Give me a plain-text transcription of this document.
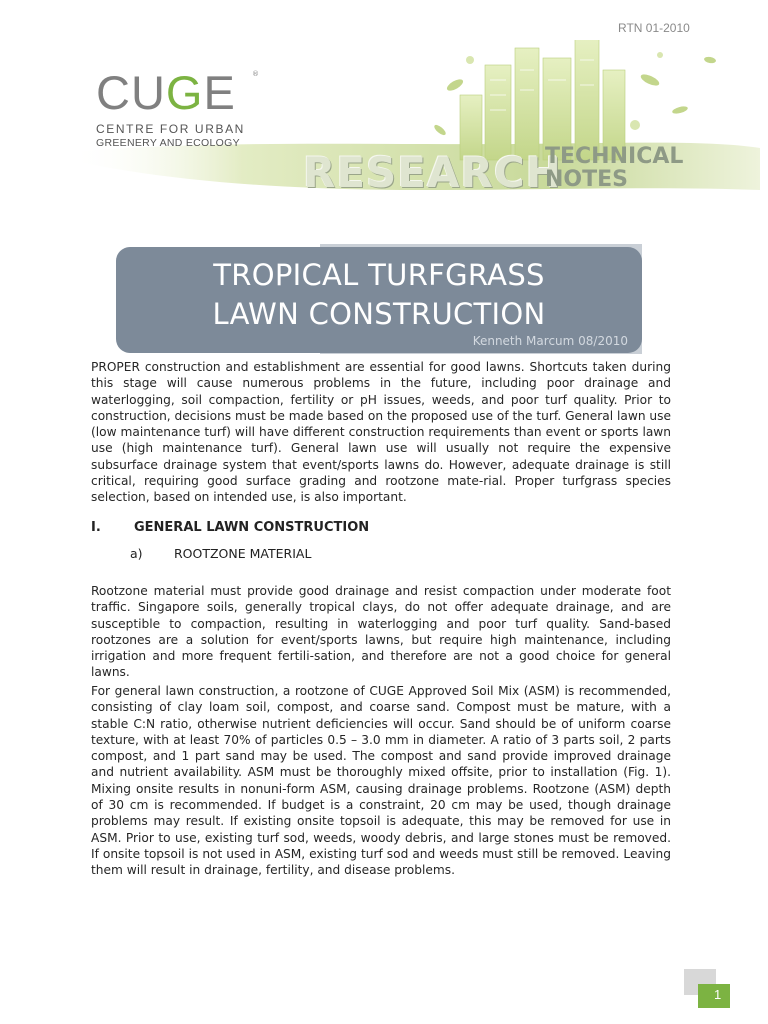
RTN 01-2010
CUGE	®
CENTRE FOR URBAN
GREENERY AND ECOLOGY
RESEARCH
TECHNICAL
NOTES
TROPICAL TURFGRASS
LAWN CONSTRUCTION
Kenneth Marcum 08/2010
PROPER construction and establishment are essential for good lawns. Shortcuts taken during this stage will cause numerous problems in the future, including poor drainage and waterlogging, soil compaction, fertility or pH issues, weeds, and poor turf quality. Prior to construction, decisions must be made based on the proposed use of the turf. General lawn use (low maintenance turf) will have different construction requirements than event or sports lawn use (high maintenance turf). General lawn use will usually not require the expensive subsurface drainage system that event/sports lawns do. However, adequate drainage is still critical, requiring good surface grading and rootzone mate-rial. Proper turfgrass species selection, based on intended use, is also important.
I.	GENERAL LAWN CONSTRUCTION
a)	ROOTZONE MATERIAL
Rootzone material must provide good drainage and resist compaction under moderate foot traffic. Singapore soils, generally tropical clays, do not offer adequate drainage, and are susceptible to compaction, resulting in waterlogging and poor turf quality. Sand-based rootzones are a solution for event/sports lawns, but require high maintenance, including irrigation and more frequent fertili-sation, and therefore are not a good choice for general lawns.
For general lawn construction, a rootzone of CUGE Approved Soil Mix (ASM) is recommended, consisting of clay loam soil, compost, and coarse sand. Compost must be mature, with a stable C:N ratio, otherwise nutrient deficiencies will occur. Sand should be of uniform coarse texture, with at least 70% of particles 0.5 – 3.0 mm in diameter. A ratio of 3 parts soil, 2 parts compost, and 1 part sand may be used. The compost and sand provide improved drainage and nutrient availability. ASM must be thoroughly mixed offsite, prior to installation (Fig. 1). Mixing onsite results in nonuni-form ASM, causing drainage problems. Rootzone (ASM) depth of 30 cm is recommended. If budget is a constraint, 20 cm may be used, though drainage problems may result. If existing onsite topsoil is adequate, this may be removed for use in ASM. Prior to use, existing turf sod, weeds, woody debris, and large stones must be removed. If onsite topsoil is not used in ASM, existing turf sod and weeds must still be removed. Leaving them will result in drainage, fertility, and disease problems.
1
